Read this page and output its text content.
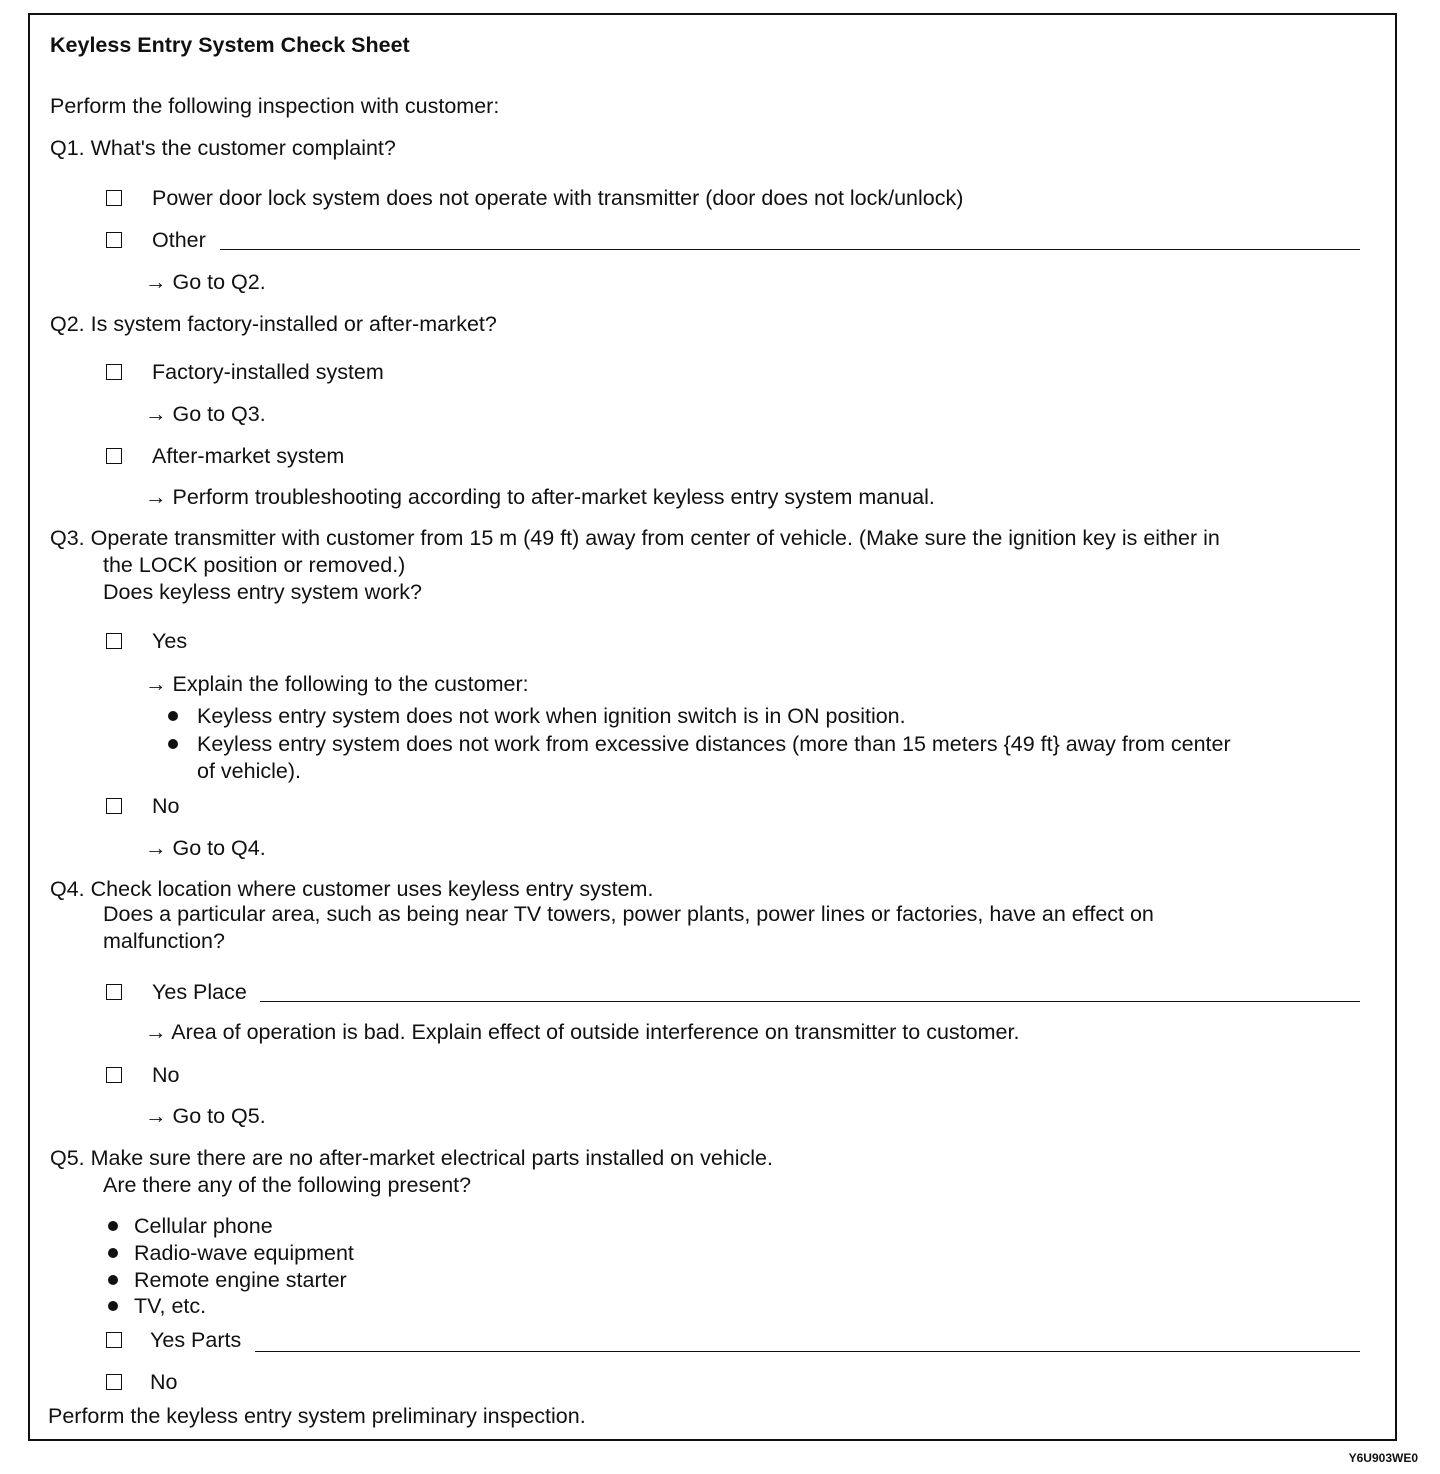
Keyless Entry System Check Sheet
Perform the following inspection with customer:
Q1. What's the customer complaint?
Power door lock system does not operate with transmitter (door does not lock/unlock)
Other
→ Go to Q2.
Q2. Is system factory-installed or after-market?
Factory-installed system
→ Go to Q3.
After-market system
→ Perform troubleshooting according to after-market keyless entry system manual.
Q3. Operate transmitter with customer from 15 m (49 ft) away from center of vehicle. (Make sure the ignition key is either in
the LOCK position or removed.)
Does keyless entry system work?
Yes
→ Explain the following to the customer:
Keyless entry system does not work when ignition switch is in ON position.
Keyless entry system does not work from excessive distances (more than 15 meters {49 ft} away from center
of vehicle).
No
→ Go to Q4.
Q4. Check location where customer uses keyless entry system.
Does a particular area, such as being near TV towers, power plants, power lines or factories, have an effect on
malfunction?
Yes Place
→ Area of operation is bad. Explain effect of outside interference on transmitter to customer.
No
→ Go to Q5.
Q5. Make sure there are no after-market electrical parts installed on vehicle.
Are there any of the following present?
Cellular phone
Radio-wave equipment
Remote engine starter
TV, etc.
Yes Parts
No
Perform the keyless entry system preliminary inspection.
Y6U903WE0
